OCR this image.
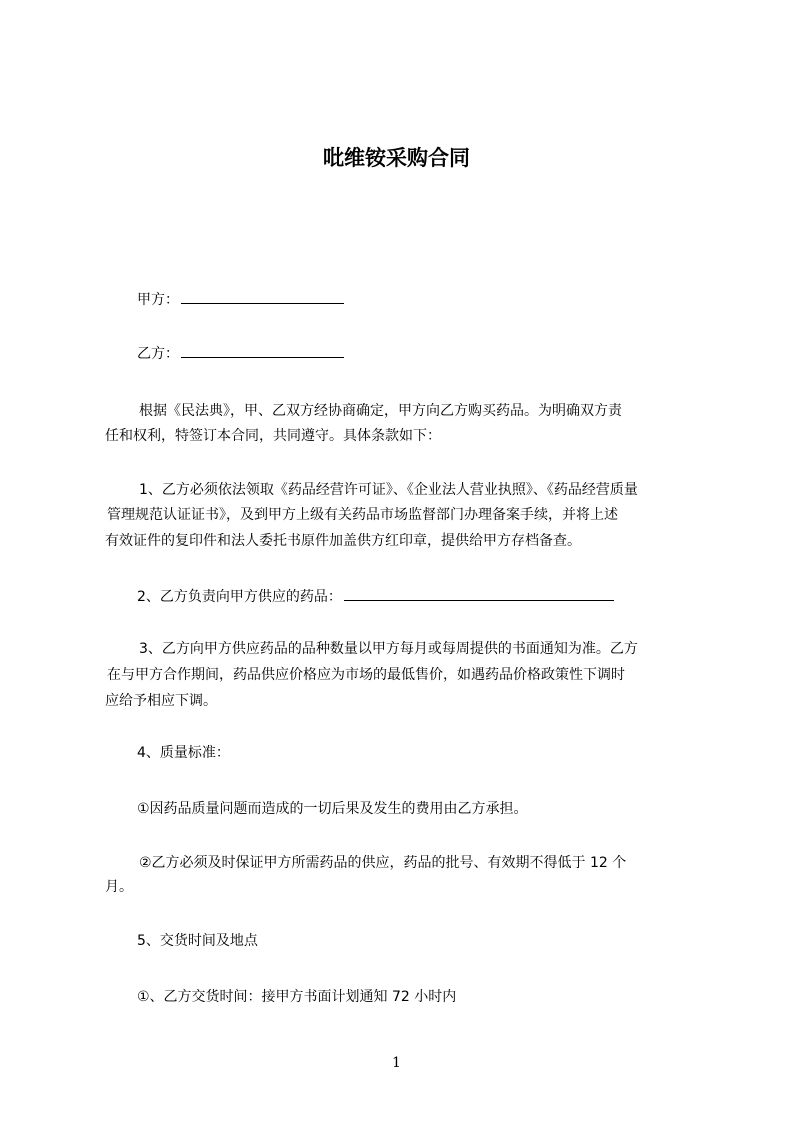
吡维铵采购合同
甲方：
乙方：
根据《民法典》，甲、乙双方经协商确定，甲方向乙方购买药品。为明确双方责
任和权利，特签订本合同，共同遵守。具体条款如下：
1、乙方必须依法领取《药品经营许可证》、《企业法人营业执照》、《药品经营质量
管理规范认证证书》，及到甲方上级有关药品市场监督部门办理备案手续，并将上述
有效证件的复印件和法人委托书原件加盖供方红印章，提供给甲方存档备查。
2、乙方负责向甲方供应的药品：
3、乙方向甲方供应药品的品种数量以甲方每月或每周提供的书面通知为准。乙方
在与甲方合作期间，药品供应价格应为市场的最低售价，如遇药品价格政策性下调时
应给予相应下调。
4、质量标准：
①因药品质量问题而造成的一切后果及发生的费用由乙方承担。
②乙方必须及时保证甲方所需药品的供应，药品的批号、有效期不得低于 12 个
月。
5、交货时间及地点
①、乙方交货时间：接甲方书面计划通知 72 小时内
1
